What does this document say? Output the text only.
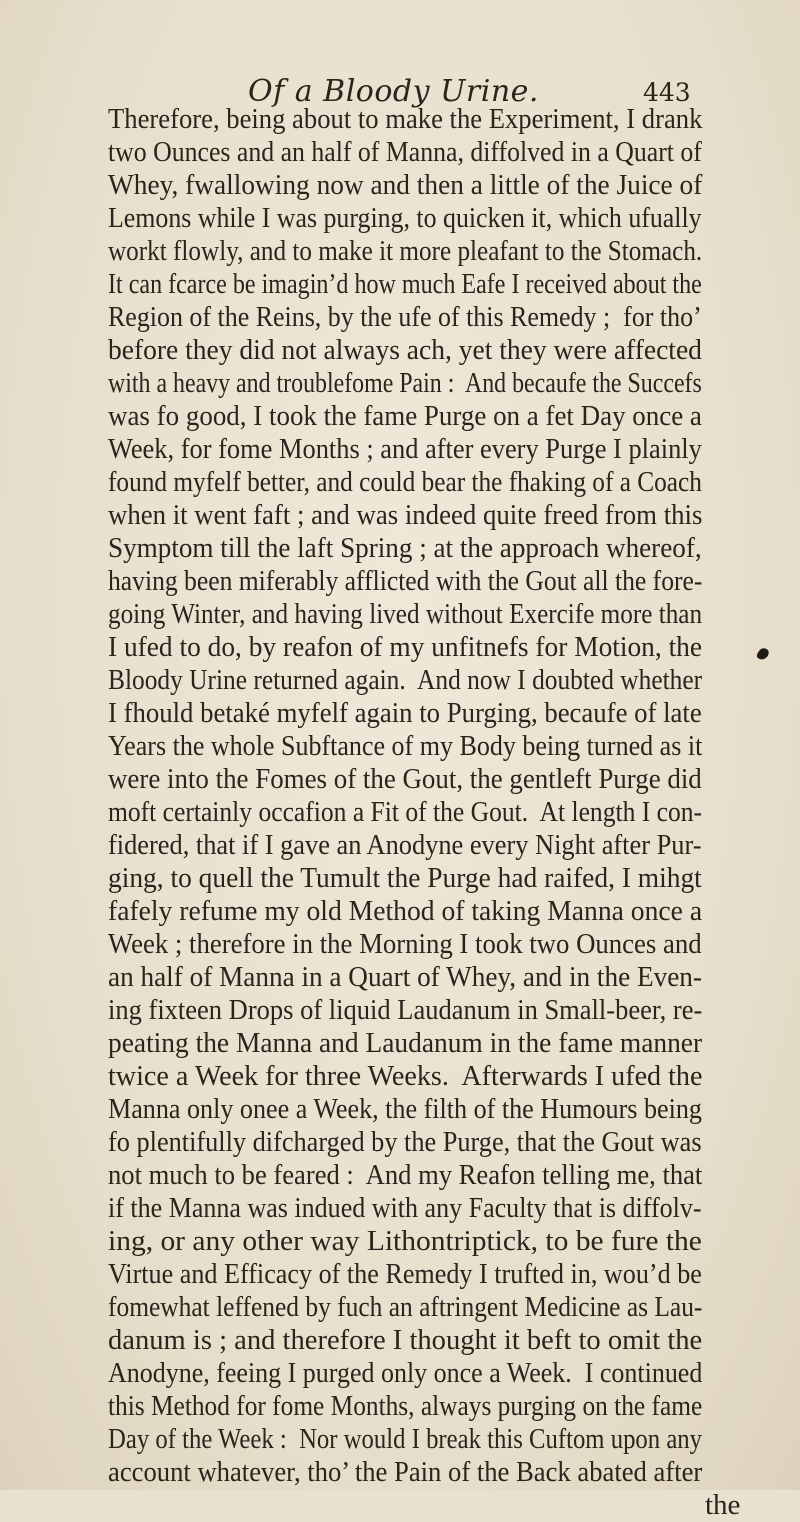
Of a Bloody Urine.	443
Therefore, being about to make the Experiment, I drank
two Ounces and an half of Manna, diffolved in a Quart of
Whey, fwallowing now and then a little of the Juice of
Lemons while I was purging, to quicken it, which ufually
workt flowly, and to make it more pleafant to the Stomach.
It can fcarce be imagin’d how much Eafe I received about the
Region of the Reins, by the ufe of this Remedy ;  for tho’
before they did not always ach, yet they were affected
with a heavy and troublefome Pain :  And becaufe the Succefs
was fo good, I took the fame Purge on a fet Day once a
Week, for fome Months ; and after every Purge I plainly
found myfelf better, and could bear the fhaking of a Coach
when it went faft ; and was indeed quite freed from this
Symptom till the laft Spring ; at the approach whereof,
having been miferably afflicted with the Gout all the fore-
going Winter, and having lived without Exercife more than
I ufed to do, by reafon of my unfitnefs for Motion, the
Bloody Urine returned again.  And now I doubted whether
I fhould betaké myfelf again to Purging, becaufe of late
Years the whole Subftance of my Body being turned as it
were into the Fomes of the Gout, the gentleft Purge did
moft certainly occafion a Fit of the Gout.  At length I con-
fidered, that if I gave an Anodyne every Night after Pur-
ging, to quell the Tumult the Purge had raifed, I mihgt
fafely refume my old Method of taking Manna once a
Week ; therefore in the Morning I took two Ounces and
an half of Manna in a Quart of Whey, and in the Even-
ing fixteen Drops of liquid Laudanum in Small-beer, re-
peating the Manna and Laudanum in the fame manner
twice a Week for three Weeks.  Afterwards I ufed the
Manna only onee a Week, the filth of the Humours being
fo plentifully difcharged by the Purge, that the Gout was
not much to be feared :  And my Reafon telling me, that
if the Manna was indued with any Faculty that is diffolv-
ing, or any other way Lithontriptick, to be fure the
Virtue and Efficacy of the Remedy I trufted in, wou’d be
fomewhat leffened by fuch an aftringent Medicine as Lau-
danum is ; and therefore I thought it beft to omit the
Anodyne, feeing I purged only once a Week.  I continued
this Method for fome Months, always purging on the fame
Day of the Week :  Nor would I break this Cuftom upon any
account whatever, tho’ the Pain of the Back abated after
the
